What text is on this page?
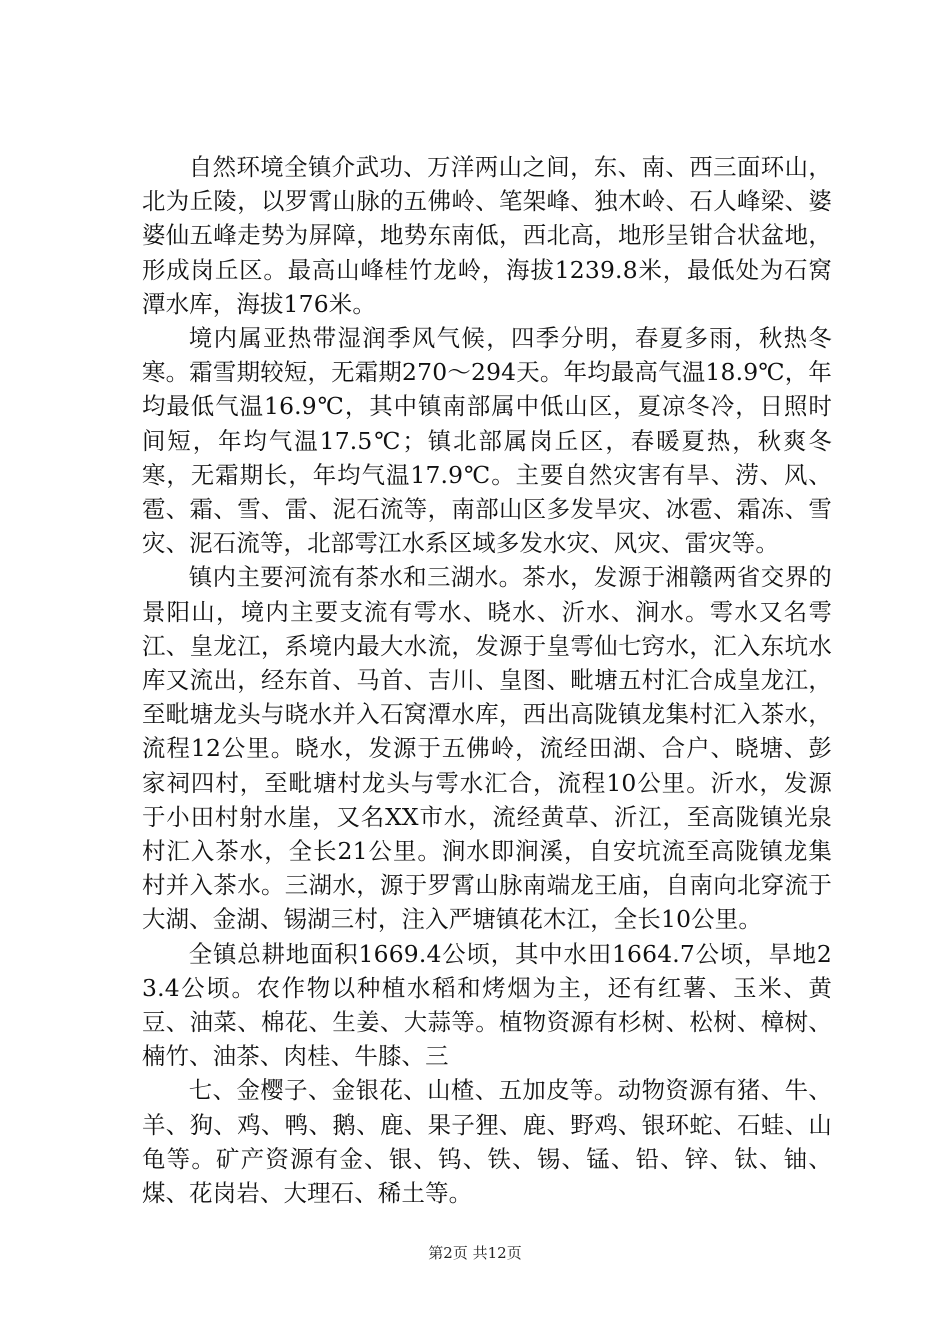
自然环境全镇介武功、万洋两山之间，东、南、西三面环山，北为丘陵，以罗霄山脉的五佛岭、笔架峰、独木岭、石人峰梁、婆婆仙五峰走势为屏障，地势东南低，西北高，地形呈钳合状盆地，形成岗丘区。最高山峰桂竹龙岭，海拔1239.8米，最低处为石窝潭水库，海拔176米。

境内属亚热带湿润季风气候，四季分明，春夏多雨，秋热冬寒。霜雪期较短，无霜期270～294天。年均最高气温18.9℃，年均最低气温16.9℃，其中镇南部属中低山区，夏凉冬冷，日照时间短，年均气温17.5℃；镇北部属岗丘区，春暖夏热，秋爽冬寒，无霜期长，年均气温17.9℃。主要自然灾害有旱、涝、风、雹、霜、雪、雷、泥石流等，南部山区多发旱灾、冰雹、霜冻、雪灾、泥石流等，北部雩江水系区域多发水灾、风灾、雷灾等。

镇内主要河流有茶水和三湖水。茶水，发源于湘赣两省交界的景阳山，境内主要支流有雩水、晓水、沂水、涧水。雩水又名雩江、皇龙江，系境内最大水流，发源于皇雩仙七窍水，汇入东坑水库又流出，经东首、马首、吉川、皇图、毗塘五村汇合成皇龙江，至毗塘龙头与晓水并入石窝潭水库，西出高陇镇龙集村汇入茶水，流程12公里。晓水，发源于五佛岭，流经田湖、合户、晓塘、彭家祠四村，至毗塘村龙头与雩水汇合，流程10公里。沂水，发源于小田村射水崖，又名XX市水，流经黄草、沂江，至高陇镇光泉村汇入茶水，全长21公里。涧水即涧溪，自安坑流至高陇镇龙集村并入茶水。三湖水，源于罗霄山脉南端龙王庙，自南向北穿流于大湖、金湖、锡湖三村，注入严塘镇花木江，全长10公里。

全镇总耕地面积1669.4公顷，其中水田1664.7公顷，旱地23.4公顷。农作物以种植水稻和烤烟为主，还有红薯、玉米、黄豆、油菜、棉花、生姜、大蒜等。植物资源有杉树、松树、樟树、楠竹、油茶、肉桂、牛膝、三

七、金樱子、金银花、山楂、五加皮等。动物资源有猪、牛、羊、狗、鸡、鸭、鹅、鹿、果子狸、鹿、野鸡、银环蛇、石蛙、山龟等。矿产资源有金、银、钨、铁、锡、锰、铅、锌、钛、铀、煤、花岗岩、大理石、稀土等。

第2页 共12页
